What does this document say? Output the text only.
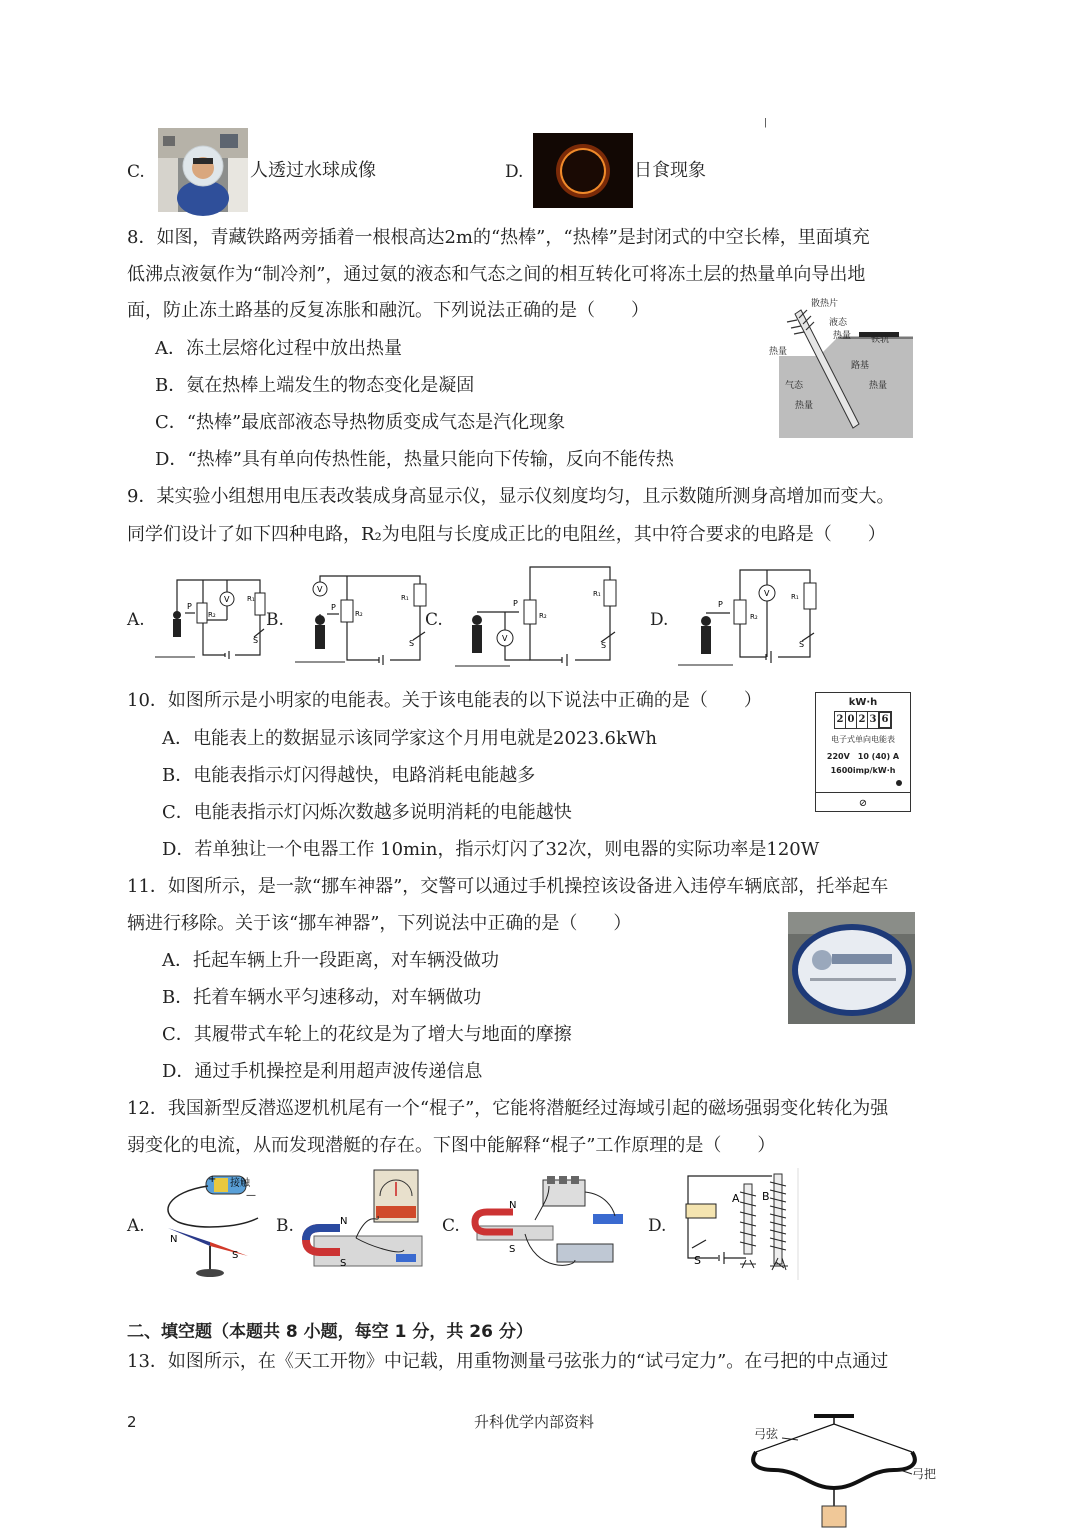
C.	人透过水球成像	D.	日食现象
|
8．如图，青藏铁路两旁插着一根根高达2m的“热棒”，“热棒”是封闭式的中空长棒，里面填充
低沸点液氨作为“制冷剂”，通过氨的液态和气态之间的相互转化可将冻土层的热量单向导出地
面，防止冻土路基的反复冻胀和融沉。下列说法正确的是（　　）
A．冻土层熔化过程中放出热量
B．氨在热棒上端发生的物态变化是凝固
C．“热棒”最底部液态导热物质变成气态是汽化现象
D．“热棒”具有单向传热性能，热量只能向下传输，反向不能传热
散热片
液态
热量 铁轨
热量
路基
气态	热量
热量
9．某实验小组想用电压表改装成身高显示仪，显示仪刻度均匀，且示数随所测身高增加而变大。
同学们设计了如下四种电路，R₂为电阻与长度成正比的电阻丝，其中符合要求的电路是（　　）
A.	B.	C.	D.
V
P
R₂
R₁
S
V
P
R₂
R₁
S
V
P
R₂
R₁
S
V
P
R₂
R₁
S
10．如图所示是小明家的电能表。关于该电能表的以下说法中正确的是（　　）
A．电能表上的数据显示该同学家这个月用电就是2023.6kWh
B．电能表指示灯闪得越快，电路消耗电能越多
C．电能表指示灯闪烁次数越多说明消耗的电能越快
D．若单独让一个电器工作 10min，指示灯闪了32次，则电器的实际功率是120W
kW·h
2 0 2 3 6
电子式单向电能表
220V　10 (40) A
1600imp/kW·h
⊘
11．如图所示，是一款“挪车神器”，交警可以通过手机操控该设备进入违停车辆底部，托举起车
辆进行移除。关于该“挪车神器”，下列说法中正确的是（　　）
A．托起车辆上升一段距离，对车辆没做功
B．托着车辆水平匀速移动，对车辆做功
C．其履带式车轮上的花纹是为了增大与地面的摩擦
D．通过手机操控是利用超声波传递信息
12．我国新型反潜巡逻机机尾有一个“棍子”，它能将潜艇经过海域引起的磁场强弱变化转化为强
弱变化的电流，从而发现潜艇的存在。下图中能解释“棍子”工作原理的是（　　）
A.	B.	C.	D.
+
—
接触
N
S
N
S
N
S
A B
S
二、填空题（本题共 8 小题，每空 1 分，共 26 分）
13．如图所示，在《天工开物》中记载，用重物测量弓弦张力的“试弓定力”。在弓把的中点通过
2	升科优学内部资料
弓弦
弓把
